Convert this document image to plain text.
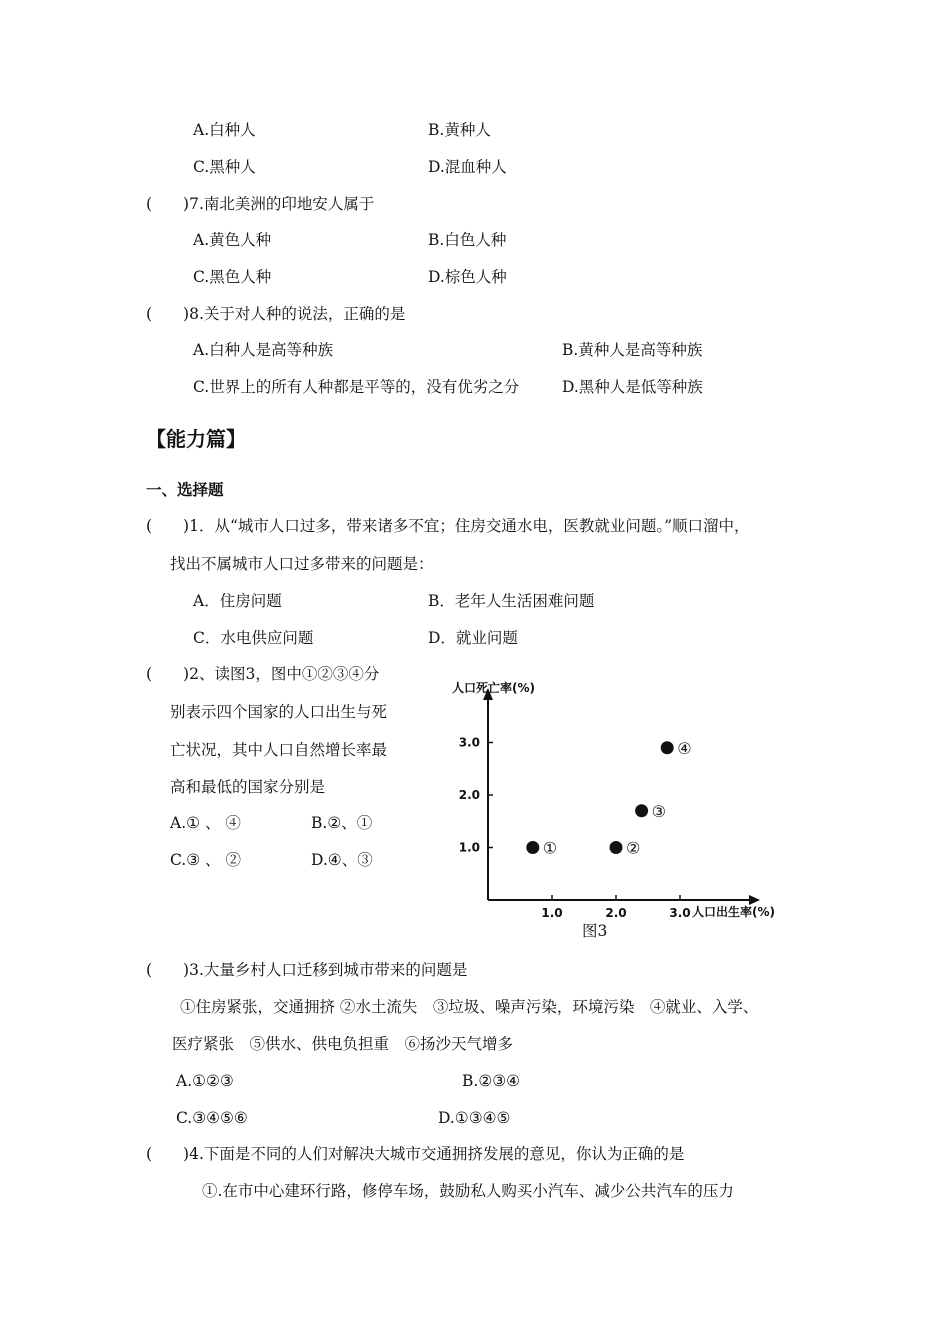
A.白种人	B.黄种人
C.黑种人	D.混血种人
(　　)7.南北美洲的印地安人属于
A.黄色人种	B.白色人种
C.黑色人种	D.棕色人种
(　　)8.关于对人种的说法，正确的是
A.白种人是高等种族	B.黄种人是高等种族
C.世界上的所有人种都是平等的，没有优劣之分	D.黑种人是低等种族
【能力篇】
一、选择题
(　　)1．从“城市人口过多，带来诸多不宜；住房交通水电，医教就业问题。”顺口溜中，
找出不属城市人口过多带来的问题是：
A．住房问题	B．老年人生活困难问题
C．水电供应问题	D．就业问题
(　　)2、读图3，图中①②③④分
别表示四个国家的人口出生与死
亡状况，其中人口自然增长率最
高和最低的国家分别是
A.① 、 ④	B.②、①
C.③ 、 ②	D.④、③
人口死亡率(%)
人口出生率(%)
1.0	2.0	3.0
1.0
2.0
3.0
①	②
③
④
图3
(　　)3.大量乡村人口迁移到城市带来的问题是
①住房紧张，交通拥挤 ②水土流失　③垃圾、噪声污染，环境污染　④就业、入学、
医疗紧张　⑤供水、供电负担重　⑥扬沙天气增多
A.①②③	B.②③④
C.③④⑤⑥	D.①③④⑤
(　　)4.下面是不同的人们对解决大城市交通拥挤发展的意见，你认为正确的是
①.在市中心建环行路，修停车场，鼓励私人购买小汽车、减少公共汽车的压力
